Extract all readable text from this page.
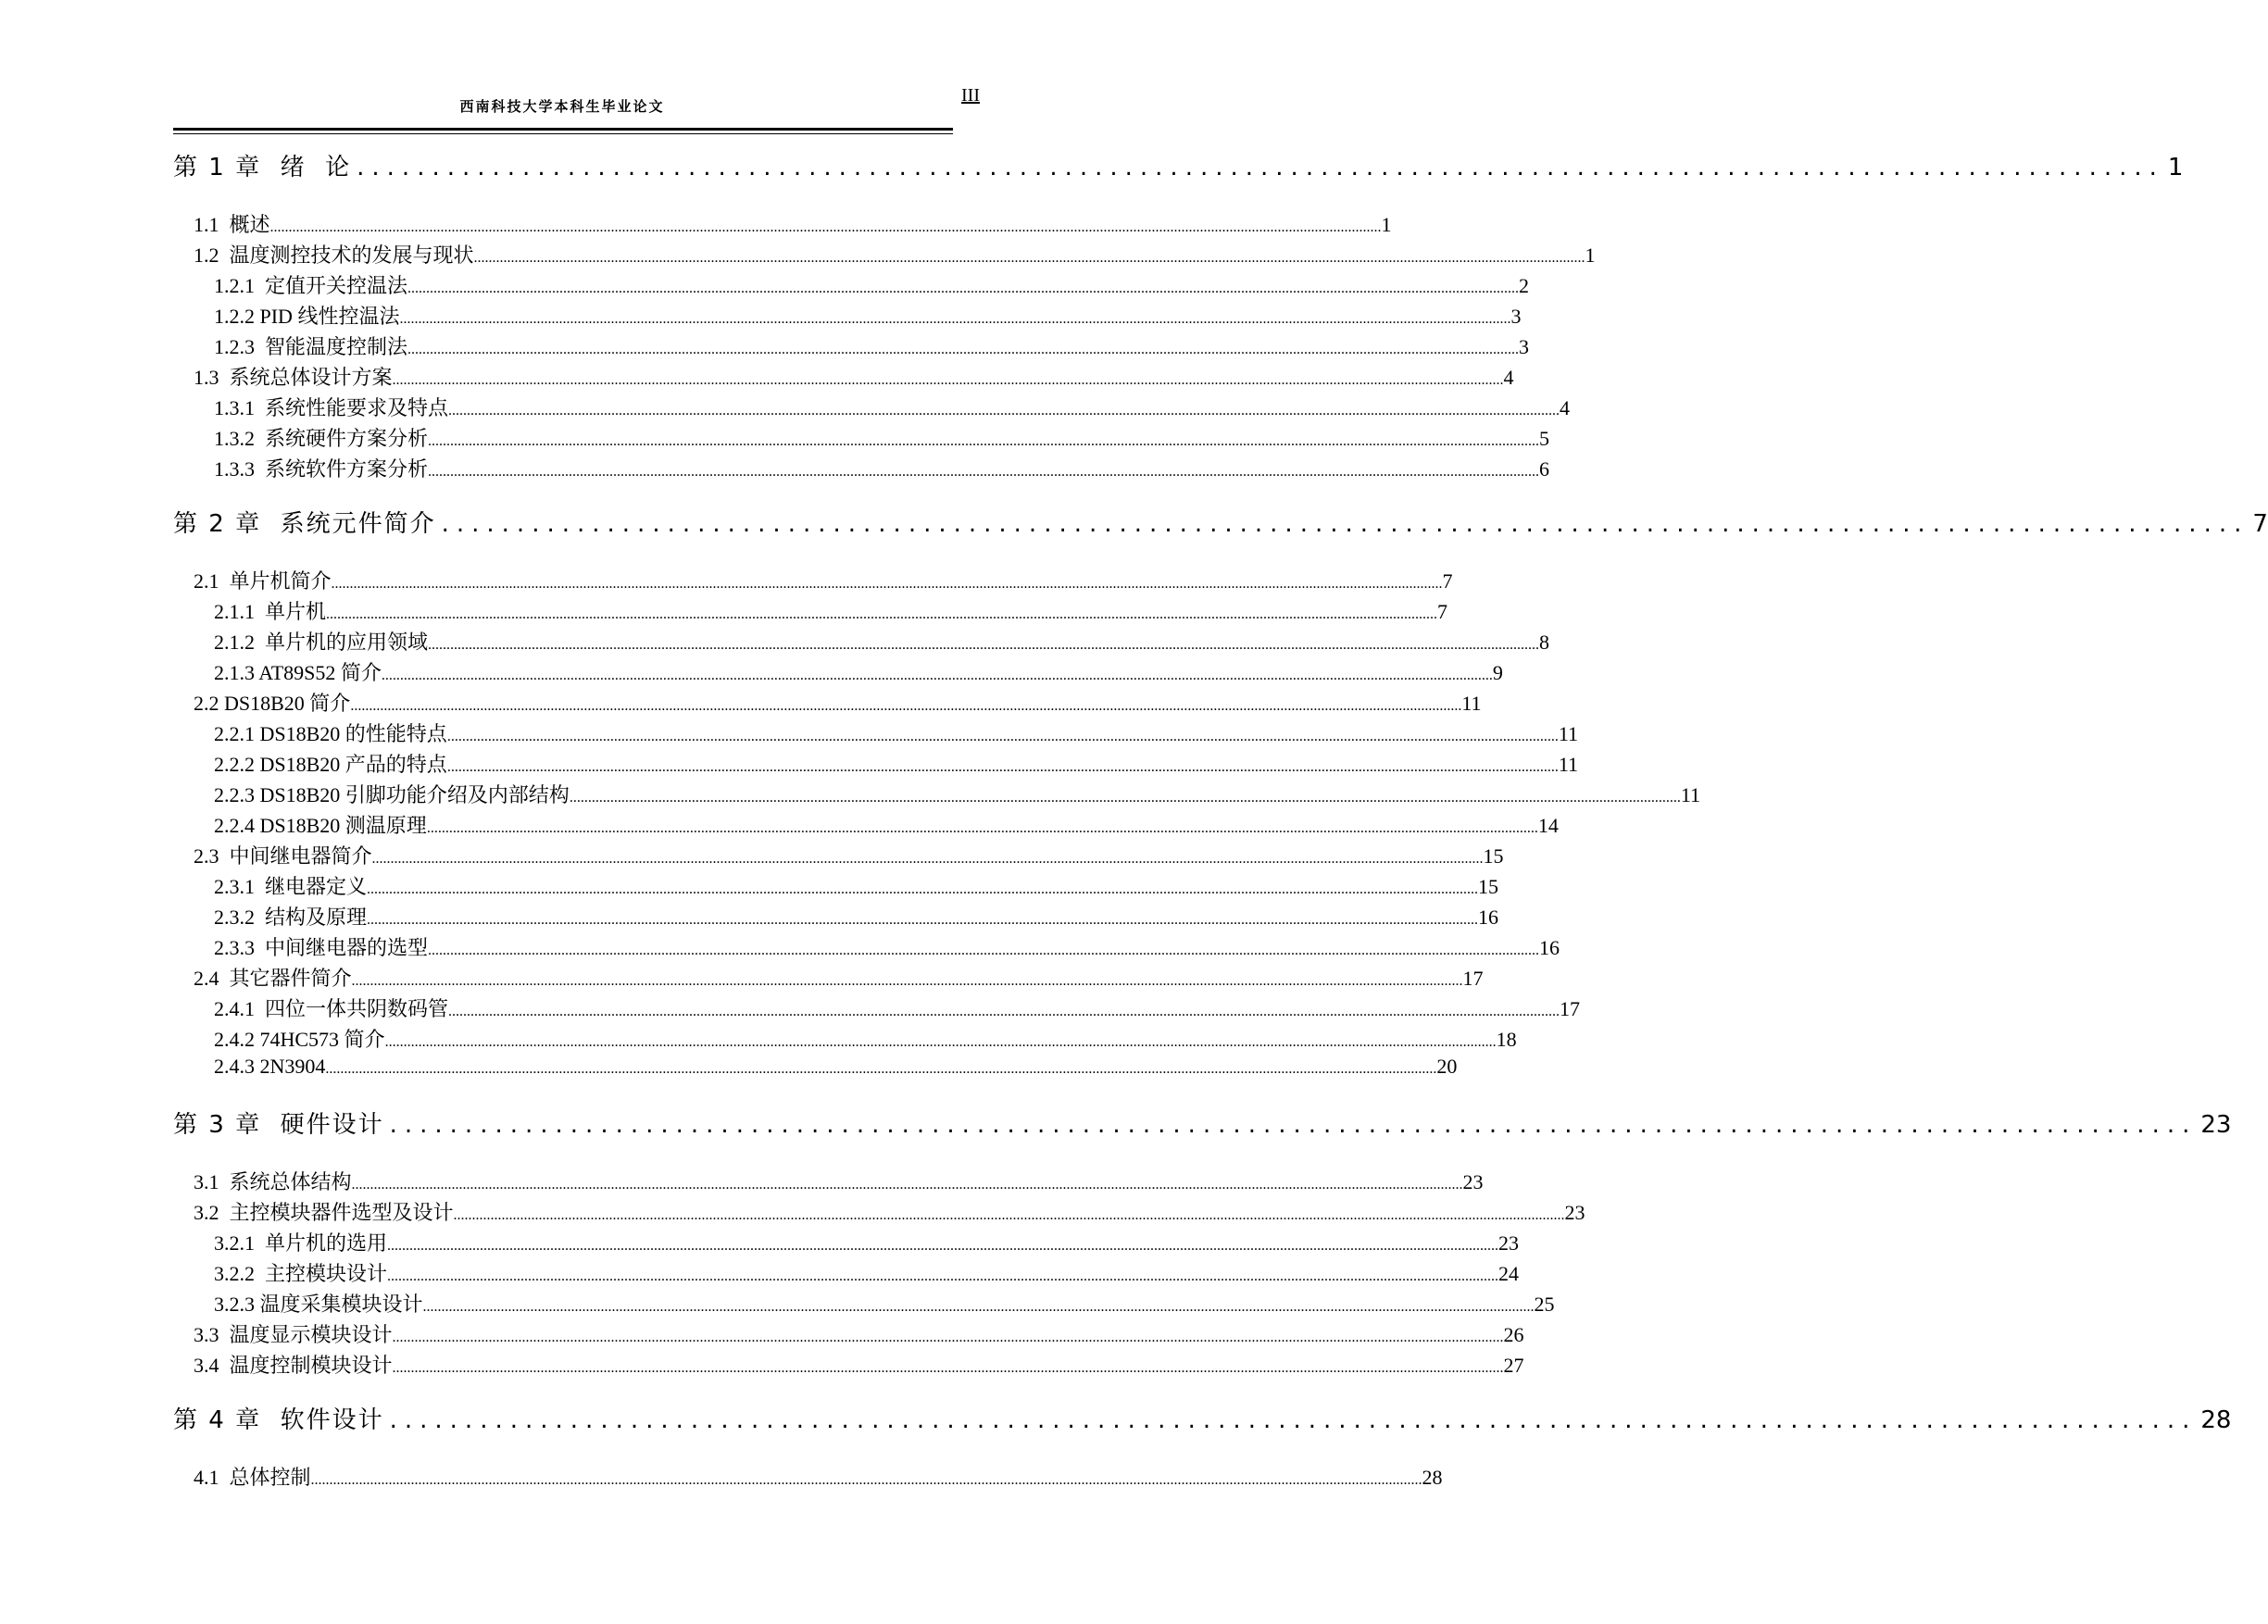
西南科技大学本科生毕业论文
III
第 1 章  绪  论 ........................................................................................................................ 1
1.1  概述 ............................................................................................................................................................................................................................................................................................................ 1
1.2  温度测控技术的发展与现状 ............................................................................................................................................................................................................................................................................................................ 1
1.2.1  定值开关控温法 ............................................................................................................................................................................................................................................................................................................ 2
1.2.2 PID 线性控温法 ............................................................................................................................................................................................................................................................................................................ 3
1.2.3  智能温度控制法 ............................................................................................................................................................................................................................................................................................................ 3
1.3  系统总体设计方案 ............................................................................................................................................................................................................................................................................................................ 4
1.3.1  系统性能要求及特点 ............................................................................................................................................................................................................................................................................................................ 4
1.3.2  系统硬件方案分析 ............................................................................................................................................................................................................................................................................................................ 5
1.3.3  系统软件方案分析 ............................................................................................................................................................................................................................................................................................................ 6
第 2 章  系统元件简介 ........................................................................................................................ 7
2.1  单片机简介 ............................................................................................................................................................................................................................................................................................................ 7
2.1.1  单片机 ............................................................................................................................................................................................................................................................................................................ 7
2.1.2  单片机的应用领域 ............................................................................................................................................................................................................................................................................................................ 8
2.1.3 AT89S52 简介 ............................................................................................................................................................................................................................................................................................................ 9
2.2 DS18B20 简介 ............................................................................................................................................................................................................................................................................................................ 11
2.2.1 DS18B20 的性能特点 ............................................................................................................................................................................................................................................................................................................ 11
2.2.2 DS18B20 产品的特点 ............................................................................................................................................................................................................................................................................................................ 11
2.2.3 DS18B20 引脚功能介绍及内部结构 ............................................................................................................................................................................................................................................................................................................ 11
2.2.4 DS18B20 测温原理 ............................................................................................................................................................................................................................................................................................................ 14
2.3  中间继电器简介 ............................................................................................................................................................................................................................................................................................................ 15
2.3.1  继电器定义 ............................................................................................................................................................................................................................................................................................................ 15
2.3.2  结构及原理 ............................................................................................................................................................................................................................................................................................................ 16
2.3.3  中间继电器的选型 ............................................................................................................................................................................................................................................................................................................ 16
2.4  其它器件简介 ............................................................................................................................................................................................................................................................................................................ 17
2.4.1  四位一体共阴数码管 ............................................................................................................................................................................................................................................................................................................ 17
2.4.2 74HC573 简介 ............................................................................................................................................................................................................................................................................................................ 18
2.4.3 2N3904 ............................................................................................................................................................................................................................................................................................................ 20
第 3 章  硬件设计 ........................................................................................................................ 23
3.1  系统总体结构 ............................................................................................................................................................................................................................................................................................................ 23
3.2  主控模块器件选型及设计 ............................................................................................................................................................................................................................................................................................................ 23
3.2.1  单片机的选用 ............................................................................................................................................................................................................................................................................................................ 23
3.2.2  主控模块设计 ............................................................................................................................................................................................................................................................................................................ 24
3.2.3 温度采集模块设计 ............................................................................................................................................................................................................................................................................................................ 25
3.3  温度显示模块设计 ............................................................................................................................................................................................................................................................................................................ 26
3.4  温度控制模块设计 ............................................................................................................................................................................................................................................................................................................ 27
第 4 章  软件设计 ........................................................................................................................ 28
4.1  总体控制 ............................................................................................................................................................................................................................................................................................................ 28
